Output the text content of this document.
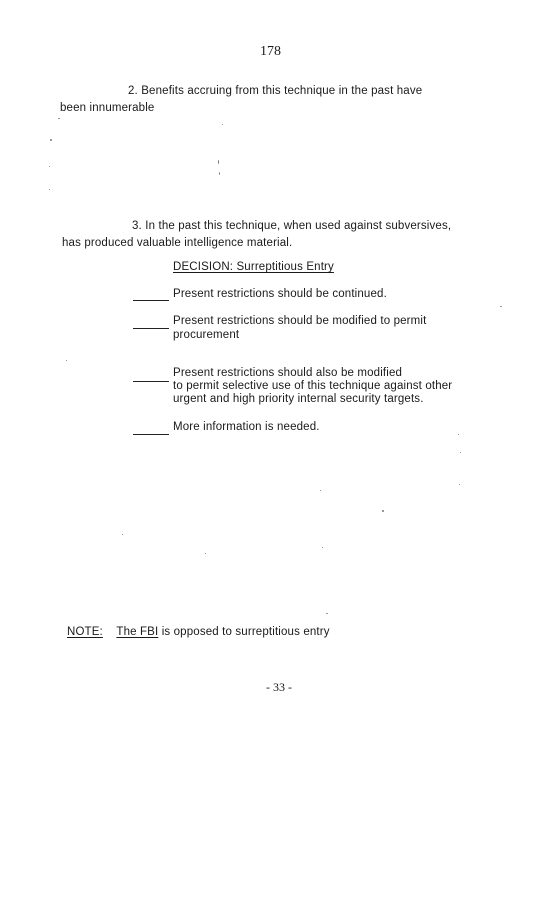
178
2. Benefits accruing from this technique in the past have
been innumerable
3. In the past this technique, when used against subversives,
has produced valuable intelligence material.
DECISION: Surreptitious Entry
Present restrictions should be continued.
Present restrictions should be modified to permit
procurement
Present restrictions should also be modified
to permit selective use of this technique against other
urgent and high priority internal security targets.
More information is needed.
NOTE: The FBI is opposed to surreptitious entry
- 33 -
